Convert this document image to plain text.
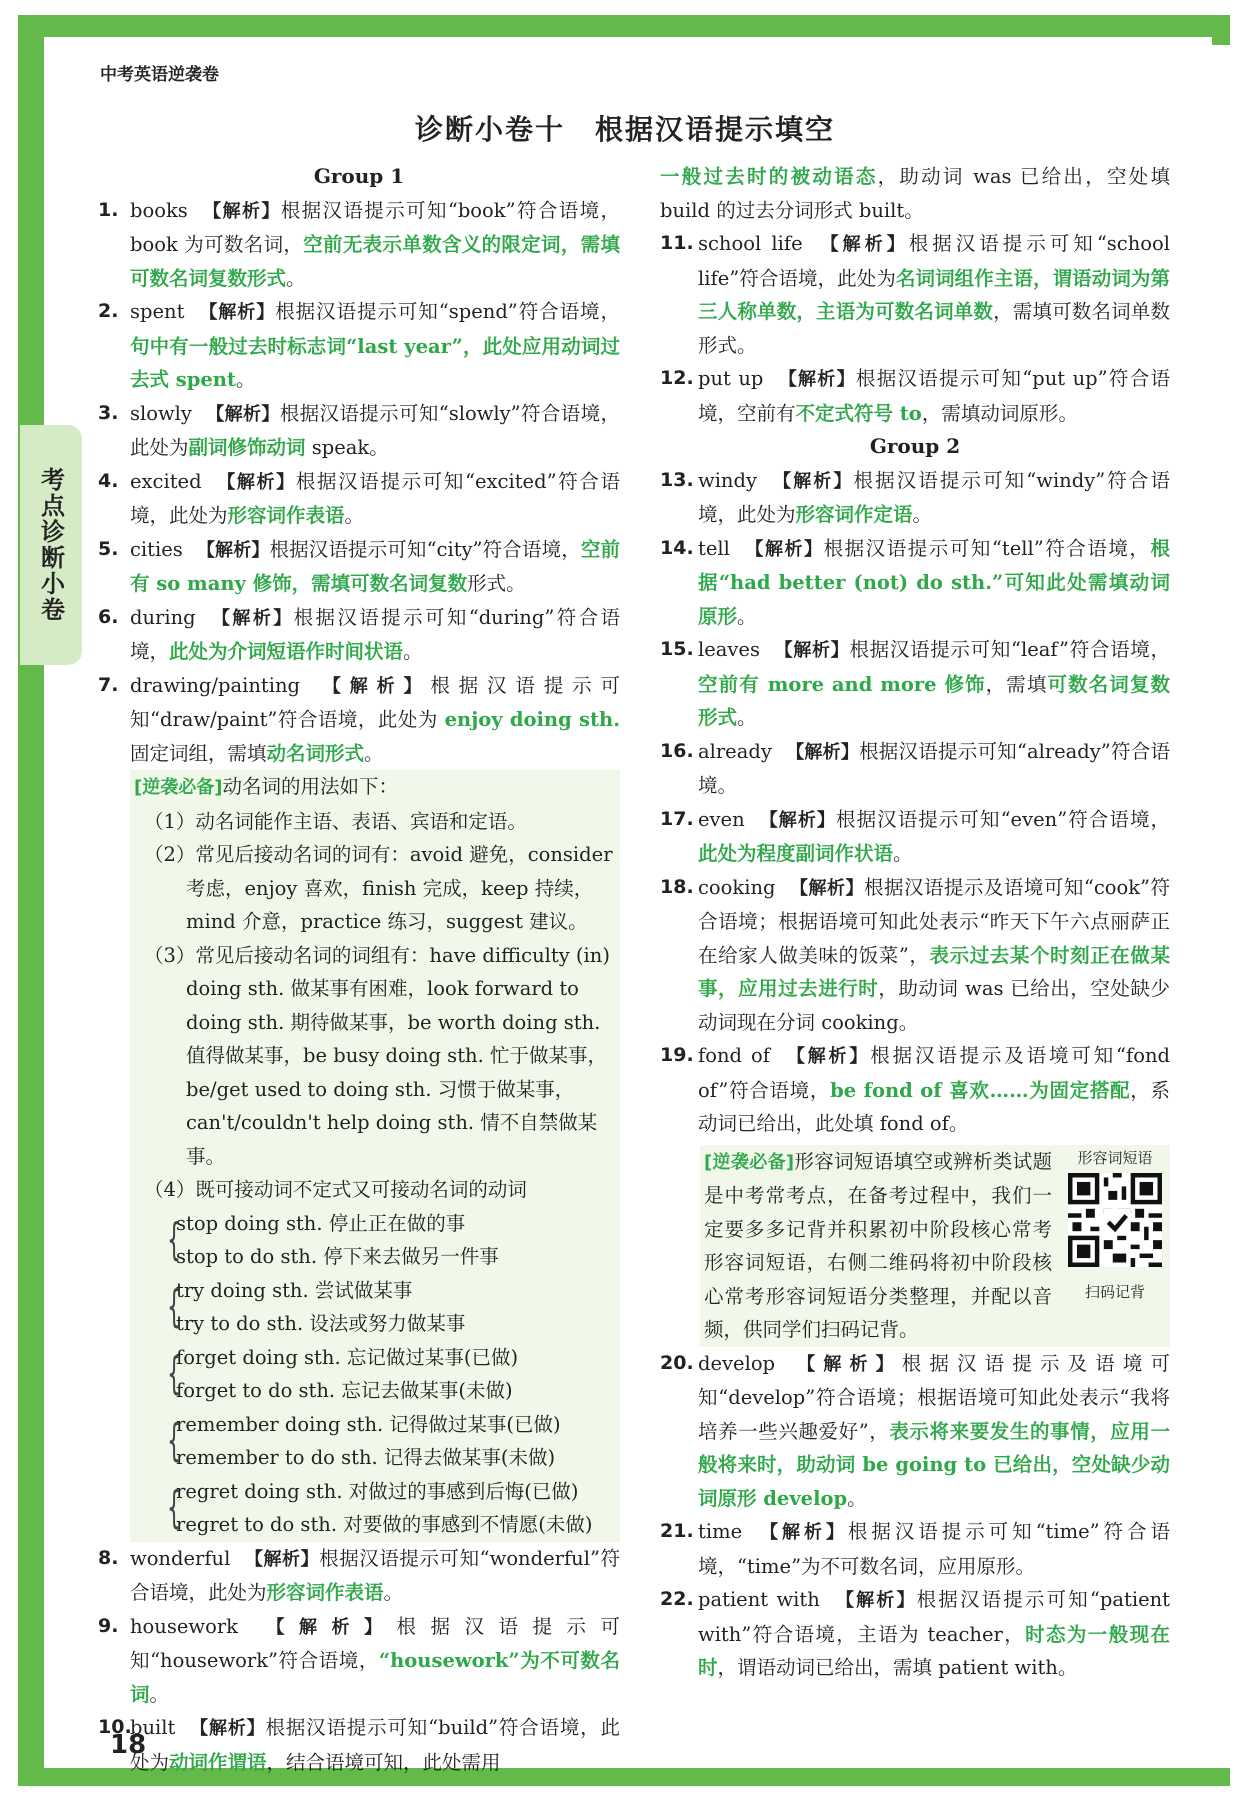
中考英语逆袭卷
诊断小卷十　根据汉语提示填空
考点诊断小卷
18
Group 1
1. books 【解析】根据汉语提示可知“book”符合语境，book 为可数名词，空前无表示单数含义的限定词，需填可数名词复数形式。
2. spent 【解析】根据汉语提示可知“spend”符合语境，句中有一般过去时标志词“last year”，此处应用动词过去式 spent。
3. slowly 【解析】根据汉语提示可知“slowly”符合语境，此处为副词修饰动词 speak。
4. excited 【解析】根据汉语提示可知“excited”符合语境，此处为形容词作表语。
5. cities 【解析】根据汉语提示可知“city”符合语境，空前有 so many 修饰，需填可数名词复数形式。
6. during 【解析】根据汉语提示可知“during”符合语境，此处为介词短语作时间状语。
7. drawing/painting 【解析】根据汉语提示可知“draw/paint”符合语境，此处为 enjoy doing sth. 固定词组，需填动名词形式。
[逆袭必备]动名词的用法如下：
（1）动名词能作主语、表语、宾语和定语。
（2）常见后接动名词的词有：avoid 避免，consider 考虑，enjoy 喜欢，finish 完成，keep 持续，mind 介意，practice 练习，suggest 建议。
（3）常见后接动名词的词组有：have difficulty (in) doing sth. 做某事有困难，look forward to doing sth. 期待做某事，be worth doing sth. 值得做某事，be busy doing sth. 忙于做某事，be/get used to doing sth. 习惯于做某事，can't/couldn't help doing sth. 情不自禁做某事。
（4）既可接动词不定式又可接动名词的动词
{
stop doing sth. 停止正在做的事
stop to do sth. 停下来去做另一件事
{
try doing sth. 尝试做某事
try to do sth. 设法或努力做某事
{
forget doing sth. 忘记做过某事(已做)
forget to do sth. 忘记去做某事(未做)
{
remember doing sth. 记得做过某事(已做)
remember to do sth. 记得去做某事(未做)
{
regret doing sth. 对做过的事感到后悔(已做)
regret to do sth. 对要做的事感到不情愿(未做)
8. wonderful 【解析】根据汉语提示可知“wonderful”符合语境，此处为形容词作表语。
9. housework 【解析】根据汉语提示可知“housework”符合语境，“housework”为不可数名词。
10.
built 【解析】根据汉语提示可知“build”符合语境，此处为动词作谓语，结合语境可知，此处需用
一般过去时的被动语态，助动词 was 已给出，空处填 build 的过去分词形式 built。
11. school life 【解析】根据汉语提示可知“school life”符合语境，此处为名词词组作主语，谓语动词为第三人称单数，主语为可数名词单数，需填可数名词单数形式。
12. put up 【解析】根据汉语提示可知“put up”符合语境，空前有不定式符号 to，需填动词原形。
Group 2
13. windy 【解析】根据汉语提示可知“windy”符合语境，此处为形容词作定语。
14. tell 【解析】根据汉语提示可知“tell”符合语境，根据“had better (not) do sth.”可知此处需填动词原形。
15. leaves 【解析】根据汉语提示可知“leaf”符合语境，空前有 more and more 修饰，需填可数名词复数形式。
16. already 【解析】根据汉语提示可知“already”符合语境。
17. even 【解析】根据汉语提示可知“even”符合语境，此处为程度副词作状语。
18. cooking 【解析】根据汉语提示及语境可知“cook”符合语境；根据语境可知此处表示“昨天下午六点丽萨正在给家人做美味的饭菜”，表示过去某个时刻正在做某事，应用过去进行时，助动词 was 已给出，空处缺少动词现在分词 cooking。
19. fond of 【解析】根据汉语提示及语境可知“fond of”符合语境，be fond of 喜欢……为固定搭配，系动词已给出，此处填 fond of。
形容词短语
扫码记背
[逆袭必备]形容词短语填空或辨析类试题是中考常考点，在备考过程中，我们一定要多多记背并积累初中阶段核心常考形容词短语，右侧二维码将初中阶段核心常考形容词短语分类整理，并配以音频，供同学们扫码记背。
20. develop 【解析】根据汉语提示及语境可知“develop”符合语境；根据语境可知此处表示“我将培养一些兴趣爱好”，表示将来要发生的事情，应用一般将来时，助动词 be going to 已给出，空处缺少动词原形 develop。
21. time 【解析】根据汉语提示可知“time”符合语境，“time”为不可数名词，应用原形。
22. patient with 【解析】根据汉语提示可知“patient with”符合语境，主语为 teacher，时态为一般现在时，谓语动词已给出，需填 patient with。
